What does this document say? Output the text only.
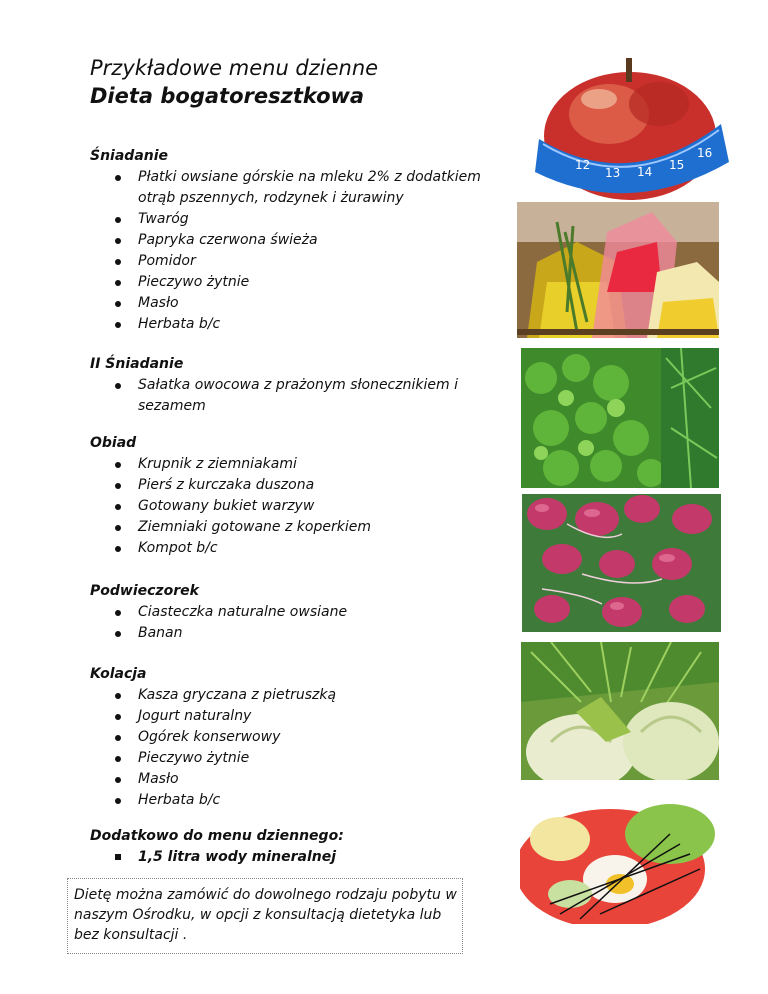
Przykładowe menu dzienne
Dieta bogatoresztkowa
Śniadanie
Płatki owsiane górskie na mleku 2% z dodatkiem otrąb pszennych, rodzynek i żurawiny
Twaróg
Papryka czerwona świeża
Pomidor
Pieczywo żytnie
Masło
Herbata b/c
II Śniadanie
Sałatka owocowa z prażonym słonecznikiem i sezamem
Obiad
Krupnik z ziemniakami
Pierś z kurczaka duszona
Gotowany bukiet warzyw
Ziemniaki gotowane z koperkiem
Kompot b/c
Podwieczorek
Ciasteczka naturalne owsiane
Banan
Kolacja
Kasza gryczana z pietruszką
Jogurt naturalny
Ogórek konserwowy
Pieczywo żytnie
Masło
Herbata b/c
Dodatkowo do menu dziennego:
1,5 litra wody mineralnej
Dietę można zamówić do dowolnego rodzaju pobytu w naszym Ośrodku, w opcji z konsultacją dietetyka lub bez konsultacji .
12
13 14 15
16
